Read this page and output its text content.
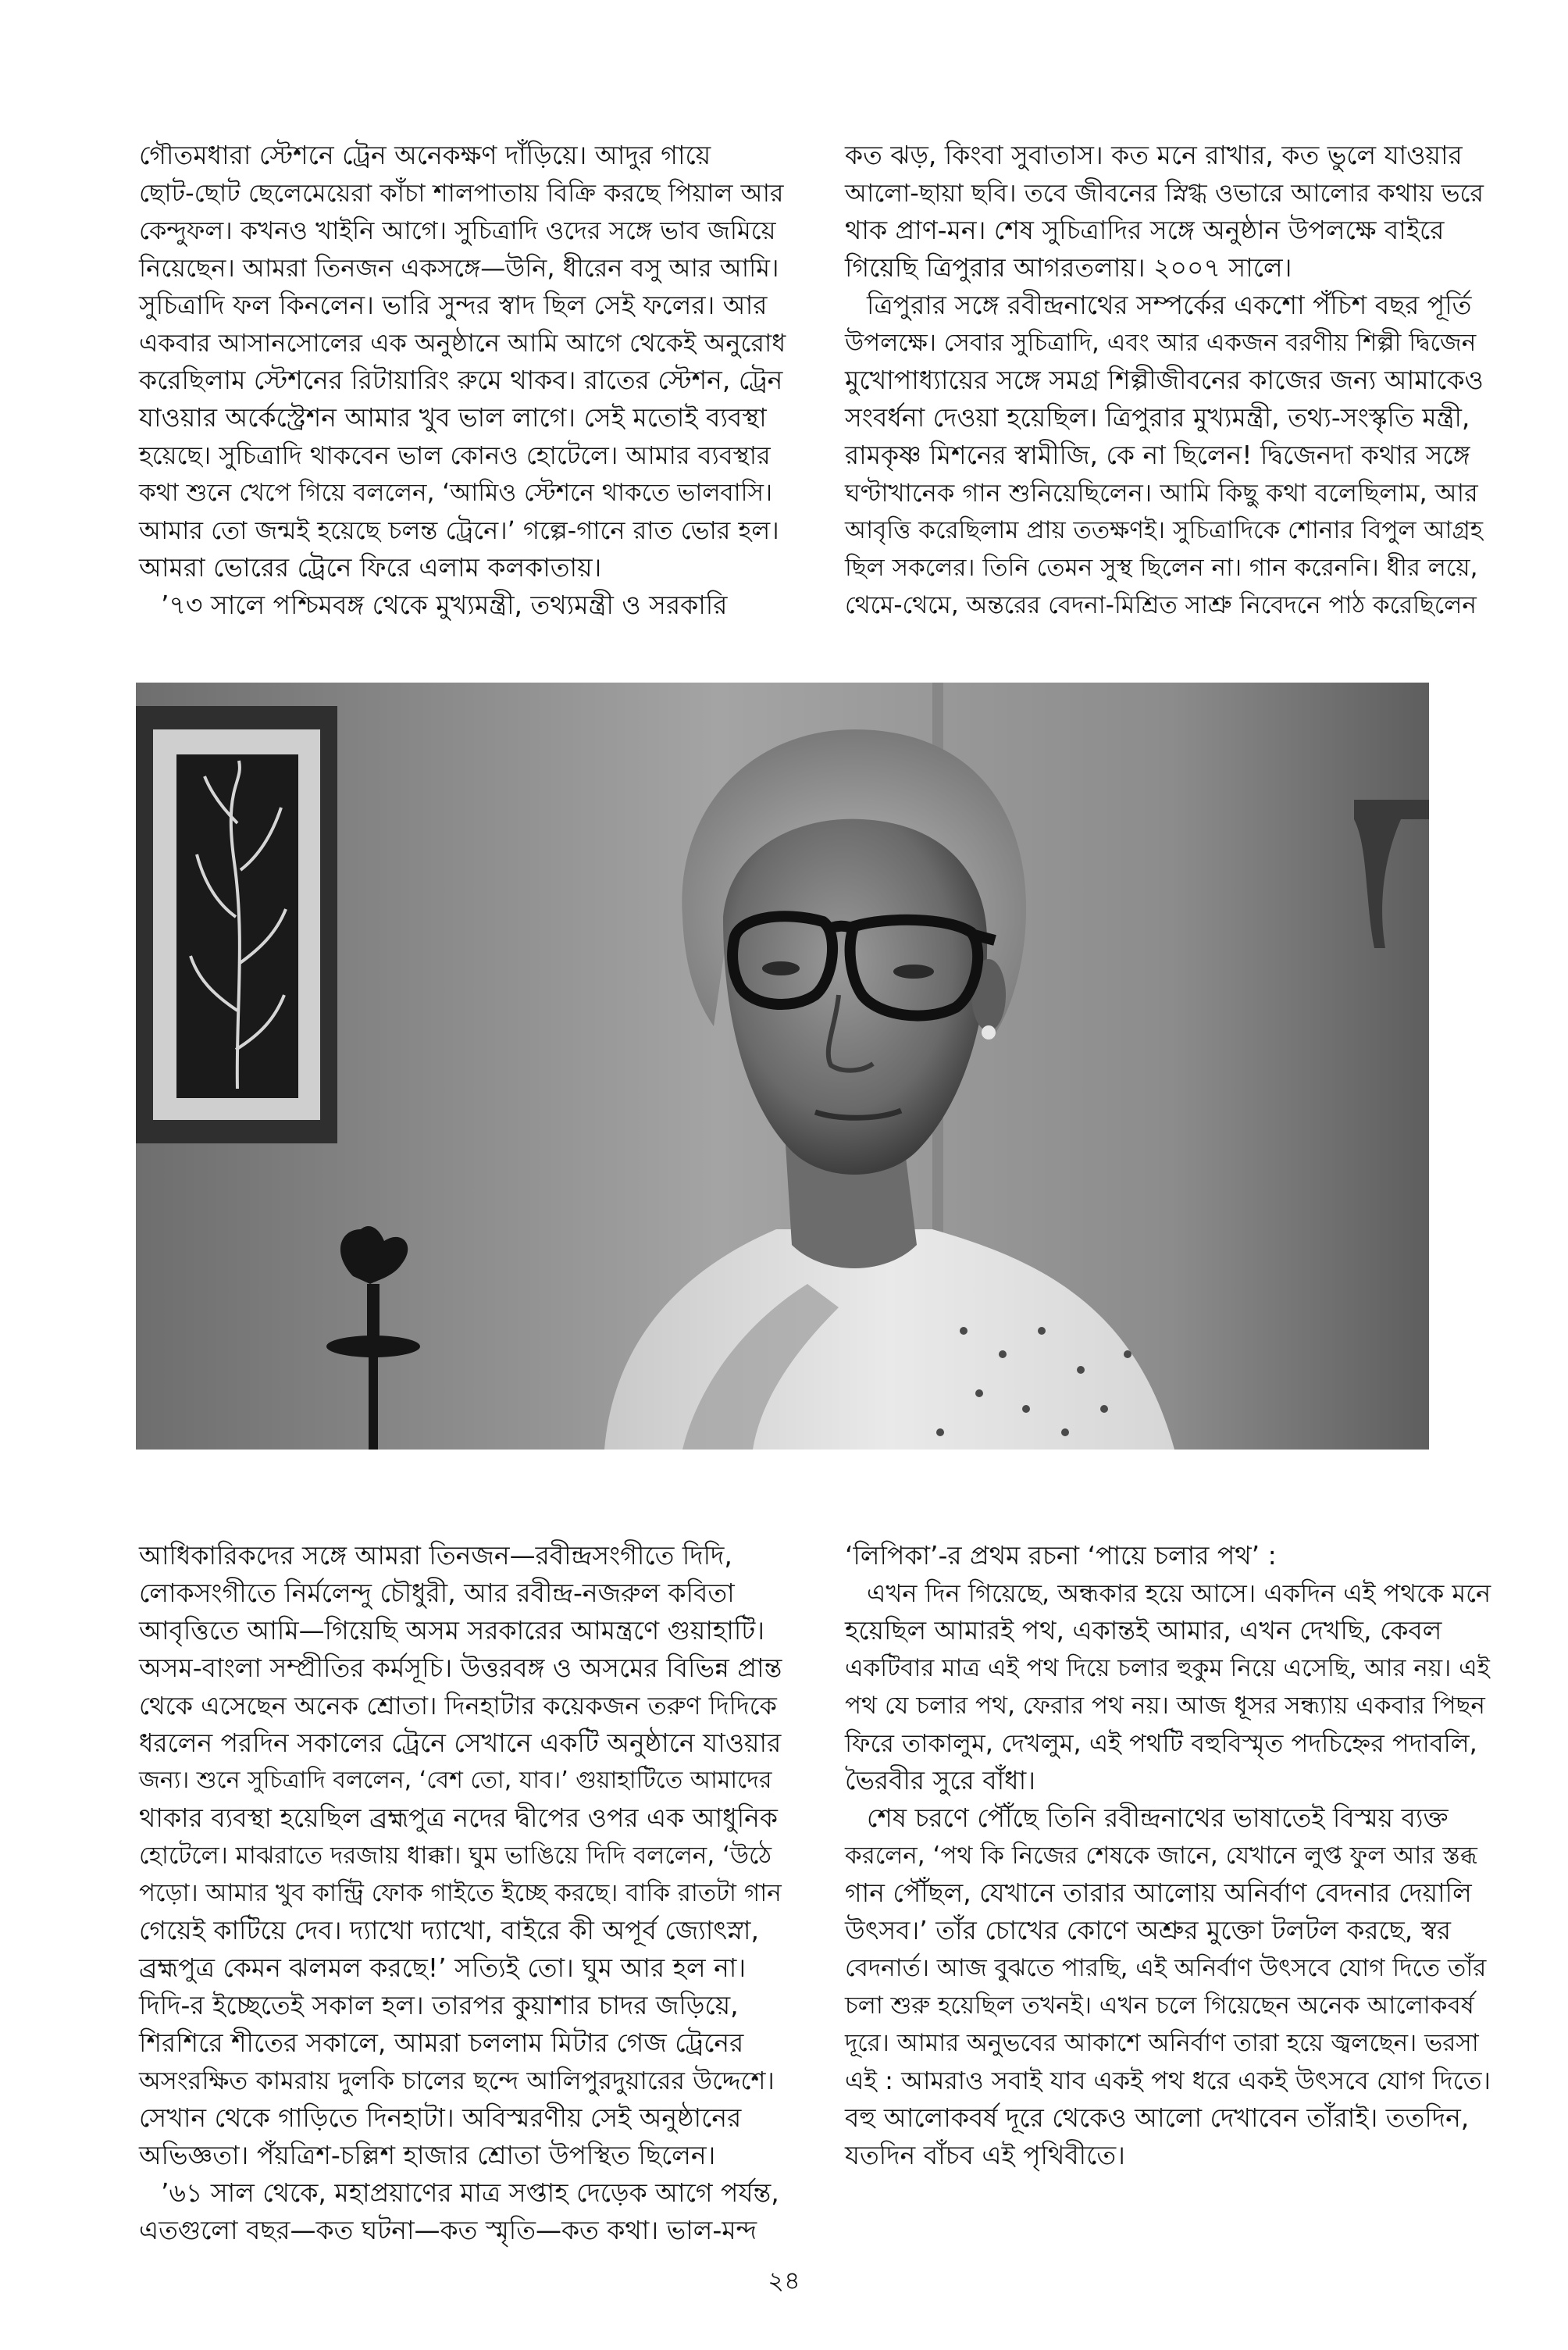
গৌতমধারা স্টেশনে ট্রেন অনেকক্ষণ দাঁড়িয়ে। আদুর গায়ে

ছোট-ছোট ছেলেমেয়েরা কাঁচা শালপাতায় বিক্রি করছে পিয়াল আর

কেন্দুফল। কখনও খাইনি আগে। সুচিত্রাদি ওদের সঙ্গে ভাব জমিয়ে

নিয়েছেন। আমরা তিনজন একসঙ্গে—উনি, ধীরেন বসু আর আমি।

সুচিত্রাদি ফল কিনলেন। ভারি সুন্দর স্বাদ ছিল সেই ফলের। আর

একবার আসানসোলের এক অনুষ্ঠানে আমি আগে থেকেই অনুরোধ

করেছিলাম স্টেশনের রিটায়ারিং রুমে থাকব। রাতের স্টেশন, ট্রেন

যাওয়ার অর্কেস্ট্রেশন আমার খুব ভাল লাগে। সেই মতোই ব্যবস্থা

হয়েছে। সুচিত্রাদি থাকবেন ভাল কোনও হোটেলে। আমার ব্যবস্থার

কথা শুনে খেপে গিয়ে বললেন, ‘আমিও স্টেশনে থাকতে ভালবাসি।

আমার তো জন্মই হয়েছে চলন্ত ট্রেনে।’ গল্পে-গানে রাত ভোর হল।

আমরা ভোরের ট্রেনে ফিরে এলাম কলকাতায়।

’৭৩ সালে পশ্চিমবঙ্গ থেকে মুখ্যমন্ত্রী, তথ্যমন্ত্রী ও সরকারি

কত ঝড়, কিংবা সুবাতাস। কত মনে রাখার, কত ভুলে যাওয়ার

আলো-ছায়া ছবি। তবে জীবনের স্নিগ্ধ ওভারে আলোর কথায় ভরে

থাক প্রাণ-মন। শেষ সুচিত্রাদির সঙ্গে অনুষ্ঠান উপলক্ষে বাইরে

গিয়েছি ত্রিপুরার আগরতলায়। ২০০৭ সালে।

ত্রিপুরার সঙ্গে রবীন্দ্রনাথের সম্পর্কের একশো পঁচিশ বছর পূর্তি

উপলক্ষে। সেবার সুচিত্রাদি, এবং আর একজন বরণীয় শিল্পী দ্বিজেন

মুখোপাধ্যায়ের সঙ্গে সমগ্র শিল্পীজীবনের কাজের জন্য আমাকেও

সংবর্ধনা দেওয়া হয়েছিল। ত্রিপুরার মুখ্যমন্ত্রী, তথ্য-সংস্কৃতি মন্ত্রী,

রামকৃষ্ণ মিশনের স্বামীজি, কে না ছিলেন! দ্বিজেনদা কথার সঙ্গে

ঘণ্টাখানেক গান শুনিয়েছিলেন। আমি কিছু কথা বলেছিলাম, আর

আবৃত্তি করেছিলাম প্রায় ততক্ষণই। সুচিত্রাদিকে শোনার বিপুল আগ্রহ

ছিল সকলের। তিনি তেমন সুস্থ ছিলেন না। গান করেননি। ধীর লয়ে,

থেমে-থেমে, অন্তরের বেদনা-মিশ্রিত সাশ্রু নিবেদনে পাঠ করেছিলেন

আধিকারিকদের সঙ্গে আমরা তিনজন—রবীন্দ্রসংগীতে দিদি,

লোকসংগীতে নির্মলেন্দু চৌধুরী, আর রবীন্দ্র-নজরুল কবিতা

আবৃত্তিতে আমি—গিয়েছি অসম সরকারের আমন্ত্রণে গুয়াহাটি।

অসম-বাংলা সম্প্রীতির কর্মসূচি। উত্তরবঙ্গ ও অসমের বিভিন্ন প্রান্ত

থেকে এসেছেন অনেক শ্রোতা। দিনহাটার কয়েকজন তরুণ দিদিকে

ধরলেন পরদিন সকালের ট্রেনে সেখানে একটি অনুষ্ঠানে যাওয়ার

জন্য। শুনে সুচিত্রাদি বললেন, ‘বেশ তো, যাব।’ গুয়াহাটিতে আমাদের

থাকার ব্যবস্থা হয়েছিল ব্রহ্মপুত্র নদের দ্বীপের ওপর এক আধুনিক

হোটেলে। মাঝরাতে দরজায় ধাক্কা। ঘুম ভাঙিয়ে দিদি বললেন, ‘উঠে

পড়ো। আমার খুব কান্ট্রি ফোক গাইতে ইচ্ছে করছে। বাকি রাতটা গান

গেয়েই কাটিয়ে দেব। দ্যাখো দ্যাখো, বাইরে কী অপূর্ব জ্যোৎস্না,

ব্রহ্মপুত্র কেমন ঝলমল করছে!’ সত্যিই তো। ঘুম আর হল না।

দিদি-র ইচ্ছেতেই সকাল হল। তারপর কুয়াশার চাদর জড়িয়ে,

শিরশিরে শীতের সকালে, আমরা চললাম মিটার গেজ ট্রেনের

অসংরক্ষিত কামরায় দুলকি চালের ছন্দে আলিপুরদুয়ারের উদ্দেশে।

সেখান থেকে গাড়িতে দিনহাটা। অবিস্মরণীয় সেই অনুষ্ঠানের

অভিজ্ঞতা। পঁয়ত্রিশ-চল্লিশ হাজার শ্রোতা উপস্থিত ছিলেন।

’৬১ সাল থেকে, মহাপ্রয়াণের মাত্র সপ্তাহ দেড়েক আগে পর্যন্ত,

এতগুলো বছর—কত ঘটনা—কত স্মৃতি—কত কথা। ভাল-মন্দ

‘লিপিকা’-র প্রথম রচনা ‘পায়ে চলার পথ’ :

এখন দিন গিয়েছে, অন্ধকার হয়ে আসে। একদিন এই পথকে মনে

হয়েছিল আমারই পথ, একান্তই আমার, এখন দেখছি, কেবল

একটিবার মাত্র এই পথ দিয়ে চলার হুকুম নিয়ে এসেছি, আর নয়। এই

পথ যে চলার পথ, ফেরার পথ নয়। আজ ধূসর সন্ধ্যায় একবার পিছন

ফিরে তাকালুম, দেখলুম, এই পথটি বহুবিস্মৃত পদচিহ্নের পদাবলি,

ভৈরবীর সুরে বাঁধা।

শেষ চরণে পৌঁছে তিনি রবীন্দ্রনাথের ভাষাতেই বিস্ময় ব্যক্ত

করলেন, ‘পথ কি নিজের শেষকে জানে, যেখানে লুপ্ত ফুল আর স্তব্ধ

গান পৌঁছল, যেখানে তারার আলোয় অনির্বাণ বেদনার দেয়ালি

উৎসব।’ তাঁর চোখের কোণে অশ্রুর মুক্তো টলটল করছে, স্বর

বেদনার্ত। আজ বুঝতে পারছি, এই অনির্বাণ উৎসবে যোগ দিতে তাঁর

চলা শুরু হয়েছিল তখনই। এখন চলে গিয়েছেন অনেক আলোকবর্ষ

দূরে। আমার অনুভবের আকাশে অনির্বাণ তারা হয়ে জ্বলছেন। ভরসা

এই : আমরাও সবাই যাব একই পথ ধরে একই উৎসবে যোগ দিতে।

বহু আলোকবর্ষ দূরে থেকেও আলো দেখাবেন তাঁরাই। ততদিন,

যতদিন বাঁচব এই পৃথিবীতে।

২৪
